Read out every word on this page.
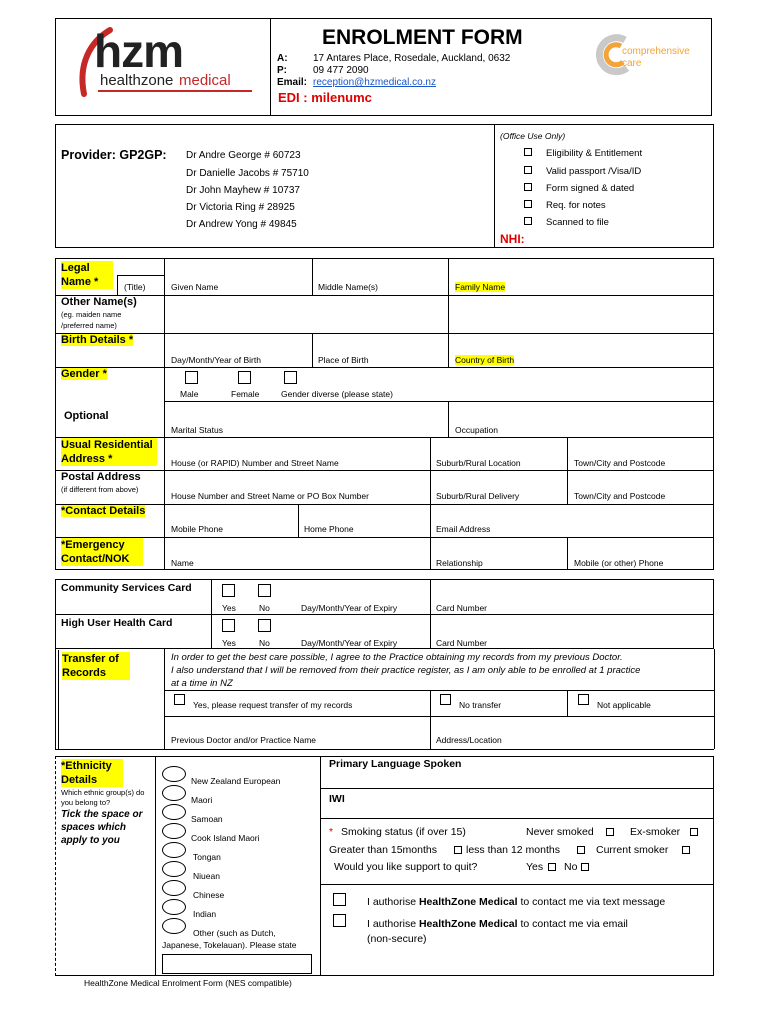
hzm
healthzone medical
ENROLMENT FORM
A:	17 Antares Place, Rosedale, Auckland, 0632
P:	09 477 2090
Email: reception@hzmedical.co.nz
EDI : milenumc
comprehensive
care
Provider: GP2GP: Dr Andre George # 60723
Dr Danielle Jacobs # 75710
Dr John Mayhew # 10737
Dr Victoria Ring # 28925
Dr Andrew Yong # 49845
(Office Use Only)
Eligibility & Entitlement
Valid passport /Visa/ID
Form signed & dated
Req. for notes
Scanned to file
NHI:
Legal Name *	(Title)	Given Name	Middle Name(s)	Family Name
Other Name(s)
(eg. maiden name /preferred name)
Birth Details *
Day/Month/Year of Birth	Place of Birth	Country of Birth
Gender *
Male	Female	Gender diverse (please state)
Optional
Marital Status	Occupation
Usual Residential Address *	House (or RAPID) Number and Street Name	Suburb/Rural Location	Town/City and Postcode
Postal Address
(if different from above)
House Number and Street Name or PO Box Number	Suburb/Rural Delivery	Town/City and Postcode
*Contact Details
Mobile Phone	Home Phone	Email Address
*Emergency Contact/NOK	Name	Relationship	Mobile (or other) Phone
Community Services Card
Yes	No	Day/Month/Year of Expiry	Card Number
High User Health Card
Yes	No	Day/Month/Year of Expiry	Card Number
Transfer of Records
In order to get the best care possible, I agree to the Practice obtaining my records from my previous Doctor.
I also understand that I will be removed from their practice register, as I am only able to be enrolled at 1 practice
at a time in NZ
Yes, please request transfer of my records	No transfer	Not applicable
Previous Doctor and/or Practice Name	Address/Location
*Ethnicity Details
Which ethnic group(s) do you belong to?
Tick the space or spaces which apply to you
New Zealand European
Maori
Samoan
Cook Island Maori
Tongan
Niuean
Chinese
Indian
Other (such as Dutch,
Japanese, Tokelauan). Please state
Primary Language Spoken
IWI
* Smoking status (if over 15)	Never smoked	Ex-smoker
Greater than 15months	less than 12 months	Current smoker
Would you like support to quit?	Yes No
I authorise HealthZone Medical to contact me via text message
I authorise HealthZone Medical to contact me via email
(non-secure)
HealthZone Medical Enrolment Form (NES compatible)
